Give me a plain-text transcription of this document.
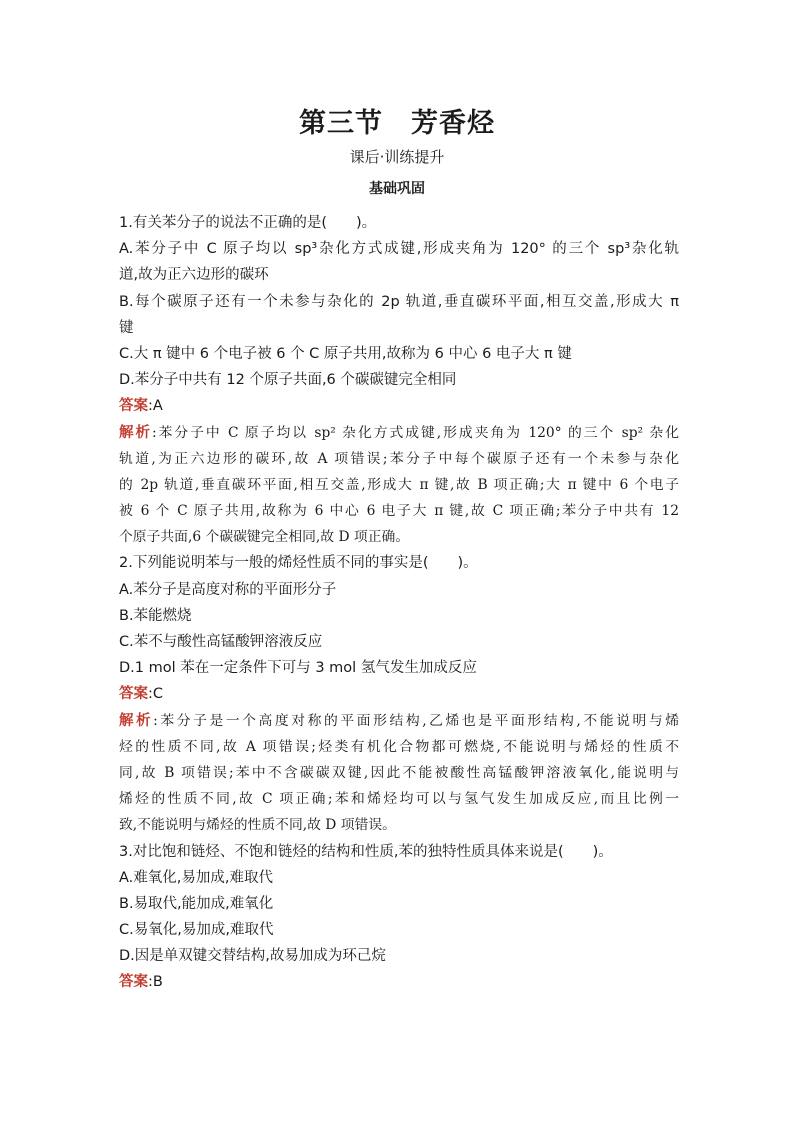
第三节　芳香烃
课后·训练提升
基础巩固
1.有关苯分子的说法不正确的是(　　)。
A.苯分子中 C 原子均以 sp³杂化方式成键,形成夹角为 120° 的三个 sp³杂化轨
道,故为正六边形的碳环
B.每个碳原子还有一个未参与杂化的 2p 轨道,垂直碳环平面,相互交盖,形成大 π
键
C.大 π 键中 6 个电子被 6 个 C 原子共用,故称为 6 中心 6 电子大 π 键
D.苯分子中共有 12 个原子共面,6 个碳碳键完全相同
答案:A
解析:苯分子中 C 原子均以 sp² 杂化方式成键,形成夹角为 120° 的三个 sp² 杂化
轨道,为正六边形的碳环,故 A 项错误;苯分子中每个碳原子还有一个未参与杂化
的 2p 轨道,垂直碳环平面,相互交盖,形成大 π 键,故 B 项正确;大 π 键中 6 个电子
被 6 个 C 原子共用,故称为 6 中心 6 电子大 π 键,故 C 项正确;苯分子中共有 12
个原子共面,6 个碳碳键完全相同,故 D 项正确。
2.下列能说明苯与一般的烯烃性质不同的事实是(　　)。
A.苯分子是高度对称的平面形分子
B.苯能燃烧
C.苯不与酸性高锰酸钾溶液反应
D.1 mol 苯在一定条件下可与 3 mol 氢气发生加成反应
答案:C
解析:苯分子是一个高度对称的平面形结构,乙烯也是平面形结构,不能说明与烯
烃的性质不同,故 A 项错误;烃类有机化合物都可燃烧,不能说明与烯烃的性质不
同,故 B 项错误;苯中不含碳碳双键,因此不能被酸性高锰酸钾溶液氧化,能说明与
烯烃的性质不同,故 C 项正确;苯和烯烃均可以与氢气发生加成反应,而且比例一
致,不能说明与烯烃的性质不同,故 D 项错误。
3.对比饱和链烃、不饱和链烃的结构和性质,苯的独特性质具体来说是(　　)。
A.难氧化,易加成,难取代
B.易取代,能加成,难氧化
C.易氧化,易加成,难取代
D.因是单双键交替结构,故易加成为环己烷
答案:B
